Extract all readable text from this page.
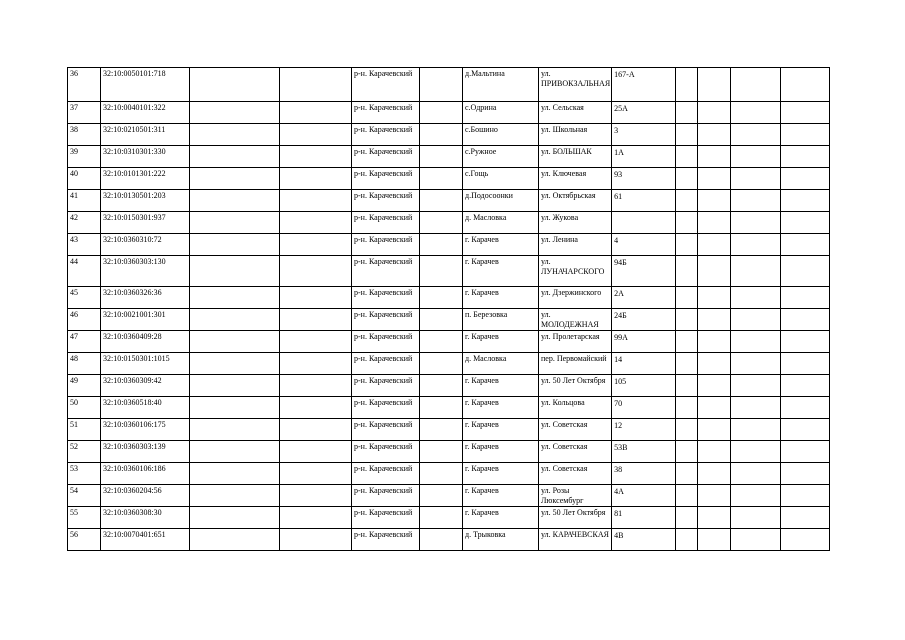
36	32:10:0050101:718			р-н. Карачевский		д.Мальтина	ул. ПРИВОКЗАЛЬНАЯ	167-А				
37	32:10:0040101:322			р-н. Карачевский		с.Одрина	ул. Сельская	25А				
38	32:10:0210501:311			р-н. Карачевский		с.Бошино	ул. Школьная	3				
39	32:10:0310301:330			р-н. Карачевский		с.Ружное	ул. БОЛЬШАК	1А				
40	32:10:0101301:222			р-н. Карачевский		с.Гощь	ул. Ключевая	93				
41	32:10:0130501:203			р-н. Карачевский		д.Подосоонки	ул. Октябрьская	61				
42	32:10:0150301:937			р-н. Карачевский		д. Масловка	ул. Жукова					
43	32:10:0360310:72			р-н. Карачевский		г. Карачев	ул. Ленина	4				
44	32:10:0360303:130			р-н. Карачевский		г. Карачев	ул. ЛУНАЧАРСКОГО	94Б				
45	32:10:0360326:36			р-н. Карачевский		г. Карачев	ул. Дзержинского	2А				
46	32:10:0021001:301			р-н. Карачевский		п. Березовка	ул. МОЛОДЕЖНАЯ	24Б				
47	32:10:0360409:28			р-н. Карачевский		г. Карачев	ул. Пролетарская	99А				
48	32:10:0150301:1015			р-н. Карачевский		д. Масловка	пер. Первомайский	14				
49	32:10:0360309:42			р-н. Карачевский		г. Карачев	ул. 50 Лет Октября	105				
50	32:10:0360518:40			р-н. Карачевский		г. Карачев	ул. Кольцова	70				
51	32:10:0360106:175			р-н. Карачевский		г. Карачев	ул. Советская	12				
52	32:10:0360303:139			р-н. Карачевский		г. Карачев	ул. Советская	53В				
53	32:10:0360106:186			р-н. Карачевский		г. Карачев	ул. Советская	38				
54	32:10:0360204:56			р-н. Карачевский		г. Карачев	ул. Розы Люксембург	4А				
55	32:10:0360308:30			р-н. Карачевский		г. Карачев	ул. 50 Лет Октября	81				
56	32:10:0070401:651			р-н. Карачевский		д. Трыковка	ул. КАРАЧЕВСКАЯ	4В				
